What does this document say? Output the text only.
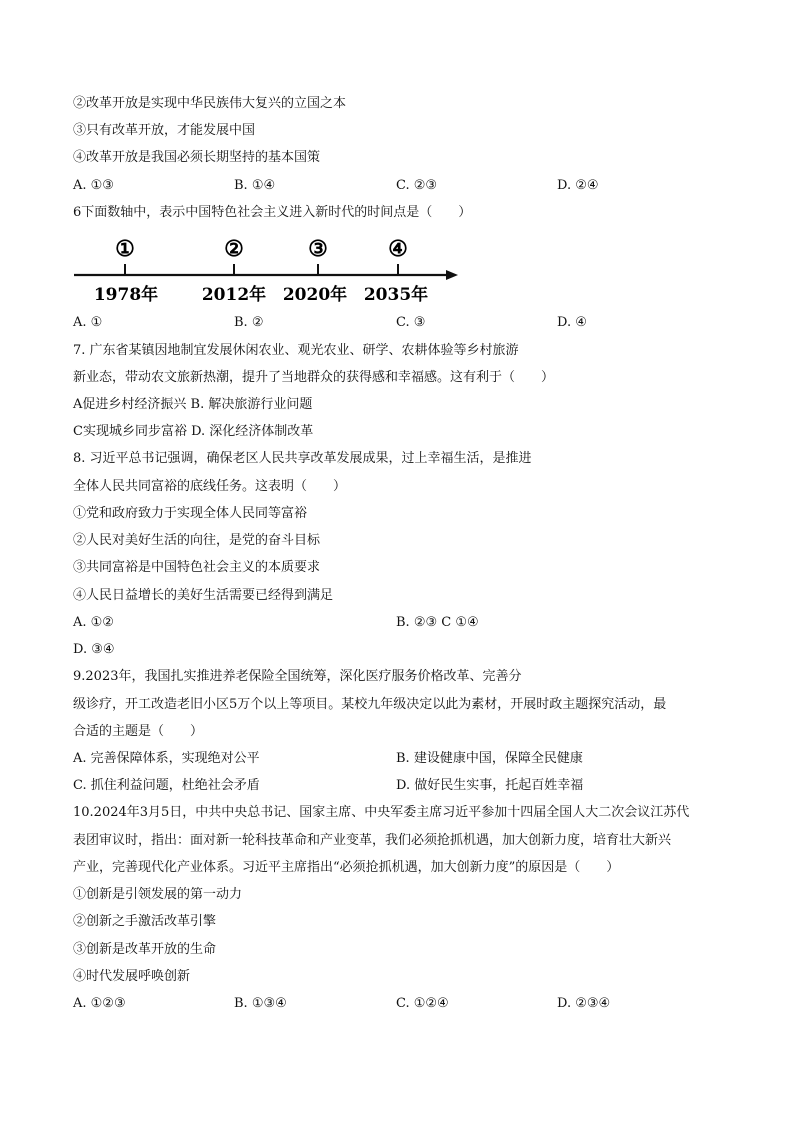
②改革开放是实现中华民族伟大复兴的立国之本
③只有改革开放，才能发展中国
④改革开放是我国必须长期坚持的基本国策
A. ①③	B. ①④	C. ②③	D. ②④
6下面数轴中，表示中国特色社会主义进入新时代的时间点是（　　）
①	②	③	④
1978年	2012年 2020年 2035年
A. ①	B. ②	C. ③	D. ④
7. 广东省某镇因地制宜发展休闲农业、观光农业、研学、农耕体验等乡村旅游
新业态，带动农文旅新热潮，提升了当地群众的获得感和幸福感。这有利于（　　）
A促进乡村经济振兴 B. 解决旅游行业问题
C实现城乡同步富裕 D. 深化经济体制改革
8. 习近平总书记强调，确保老区人民共享改革发展成果，过上幸福生活，是推进
全体人民共同富裕的底线任务。这表明（　　）
①党和政府致力于实现全体人民同等富裕
②人民对美好生活的向往，是党的奋斗目标
③共同富裕是中国特色社会主义的本质要求
④人民日益增长的美好生活需要已经得到满足
A. ①②	B. ②③ C ①④
D. ③④
9.2023年，我国扎实推进养老保险全国统筹，深化医疗服务价格改革、完善分
级诊疗，开工改造老旧小区5万个以上等项目。某校九年级决定以此为素材，开展时政主题探究活动，最
合适的主题是（　　）
A. 完善保障体系，实现绝对公平	B. 建设健康中国，保障全民健康
C. 抓住利益问题，杜绝社会矛盾	D. 做好民生实事，托起百姓幸福
10.2024年3月5日，中共中央总书记、国家主席、中央军委主席习近平参加十四届全国人大二次会议江苏代
表团审议时，指出：面对新一轮科技革命和产业变革，我们必须抢抓机遇，加大创新力度，培育壮大新兴
产业，完善现代化产业体系。习近平主席指出“必须抢抓机遇，加大创新力度”的原因是（　　）
①创新是引领发展的第一动力
②创新之手激活改革引擎
③创新是改革开放的生命
④时代发展呼唤创新
A. ①②③	B. ①③④	C. ①②④	D. ②③④
